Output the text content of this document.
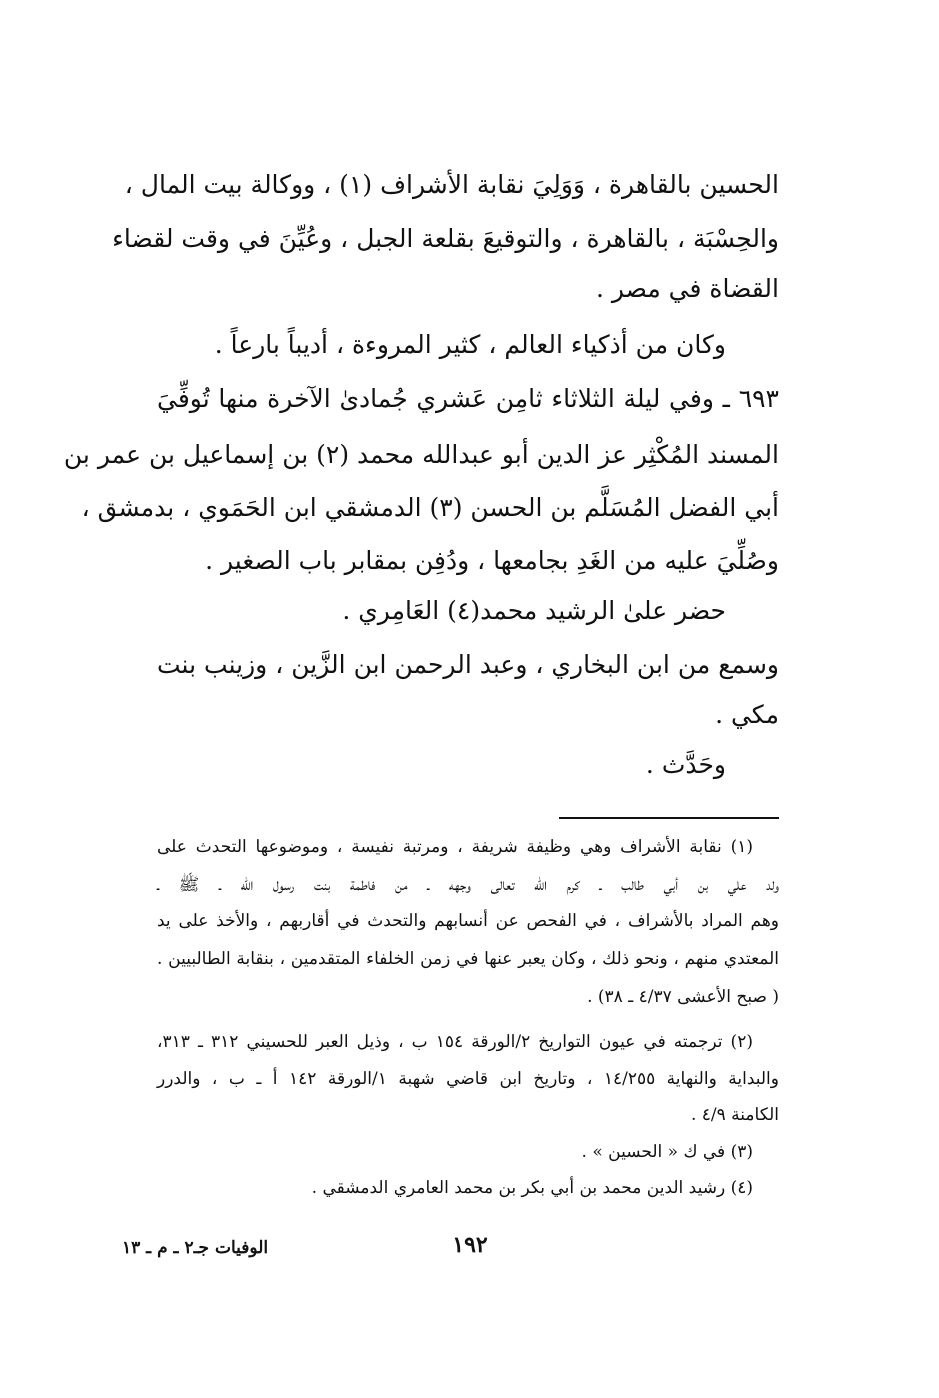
الحسين بالقاهرة ، وَوَلِيَ نقابة الأشراف (١) ، ووكالة بيت المال ،
والحِسْبَة ، بالقاهرة ، والتوقيعَ بقلعة الجبل ، وعُيِّنَ في وقت لقضاء
القضاة في مصر .
وكان من أذكياء العالم ، كثير المروءة ، أديباً بارعاً .
٦٩٣ ـ وفي ليلة الثلاثاء ثامِن عَشري جُمادىٰ الآخرة منها تُوفِّيَ
المسند المُكْثِر عز الدين أبو عبدالله محمد (٢) بن إسماعيل بن عمر بن
أبي الفضل المُسَلَّم بن الحسن (٣) الدمشقي ابن الحَمَوي ، بدمشق ،
وصُلِّيَ عليه من الغَدِ بجامعها ، ودُفِن بمقابر باب الصغير .
حضر علىٰ الرشيد محمد(٤) العَامِري .
وسمع من ابن البخاري ، وعبد الرحمن ابن الزَّين ، وزينب بنت
مكي .
وحَدَّث .
(١) نقابة الأشراف وهي وظيفة شريفة ، ومرتبة نفيسة ، وموضوعها التحدث على
ولد علي بن أبي طالب ـ كرم الله تعالى وجهه ـ من فاطمة بنت رسول الله ـ ﷺ ـ
وهم المراد بالأشراف ، في الفحص عن أنسابهم والتحدث في أقاربهم ، والأخذ على يد
المعتدي منهم ، ونحو ذلك ، وكان يعبر عنها في زمن الخلفاء المتقدمين ، بنقابة الطالبيين .
( صبح الأعشى ٤/٣٧ ـ ٣٨) .
(٢) ترجمته في عيون التواريخ ٢/الورقة ١٥٤ ب ، وذيل العبر للحسيني ٣١٢ ـ ٣١٣،
والبداية والنهاية ١٤/٢٥٥ ، وتاريخ ابن قاضي شهبة ١/الورقة ١٤٢ أ ـ ب ، والدرر
الكامنة ٤/٩ .
(٣) في ك « الحسين » .
(٤) رشيد الدين محمد بن أبي بكر بن محمد العامري الدمشقي .
١٩٢
الوفيات جـ٢ ـ م ـ ١٣
